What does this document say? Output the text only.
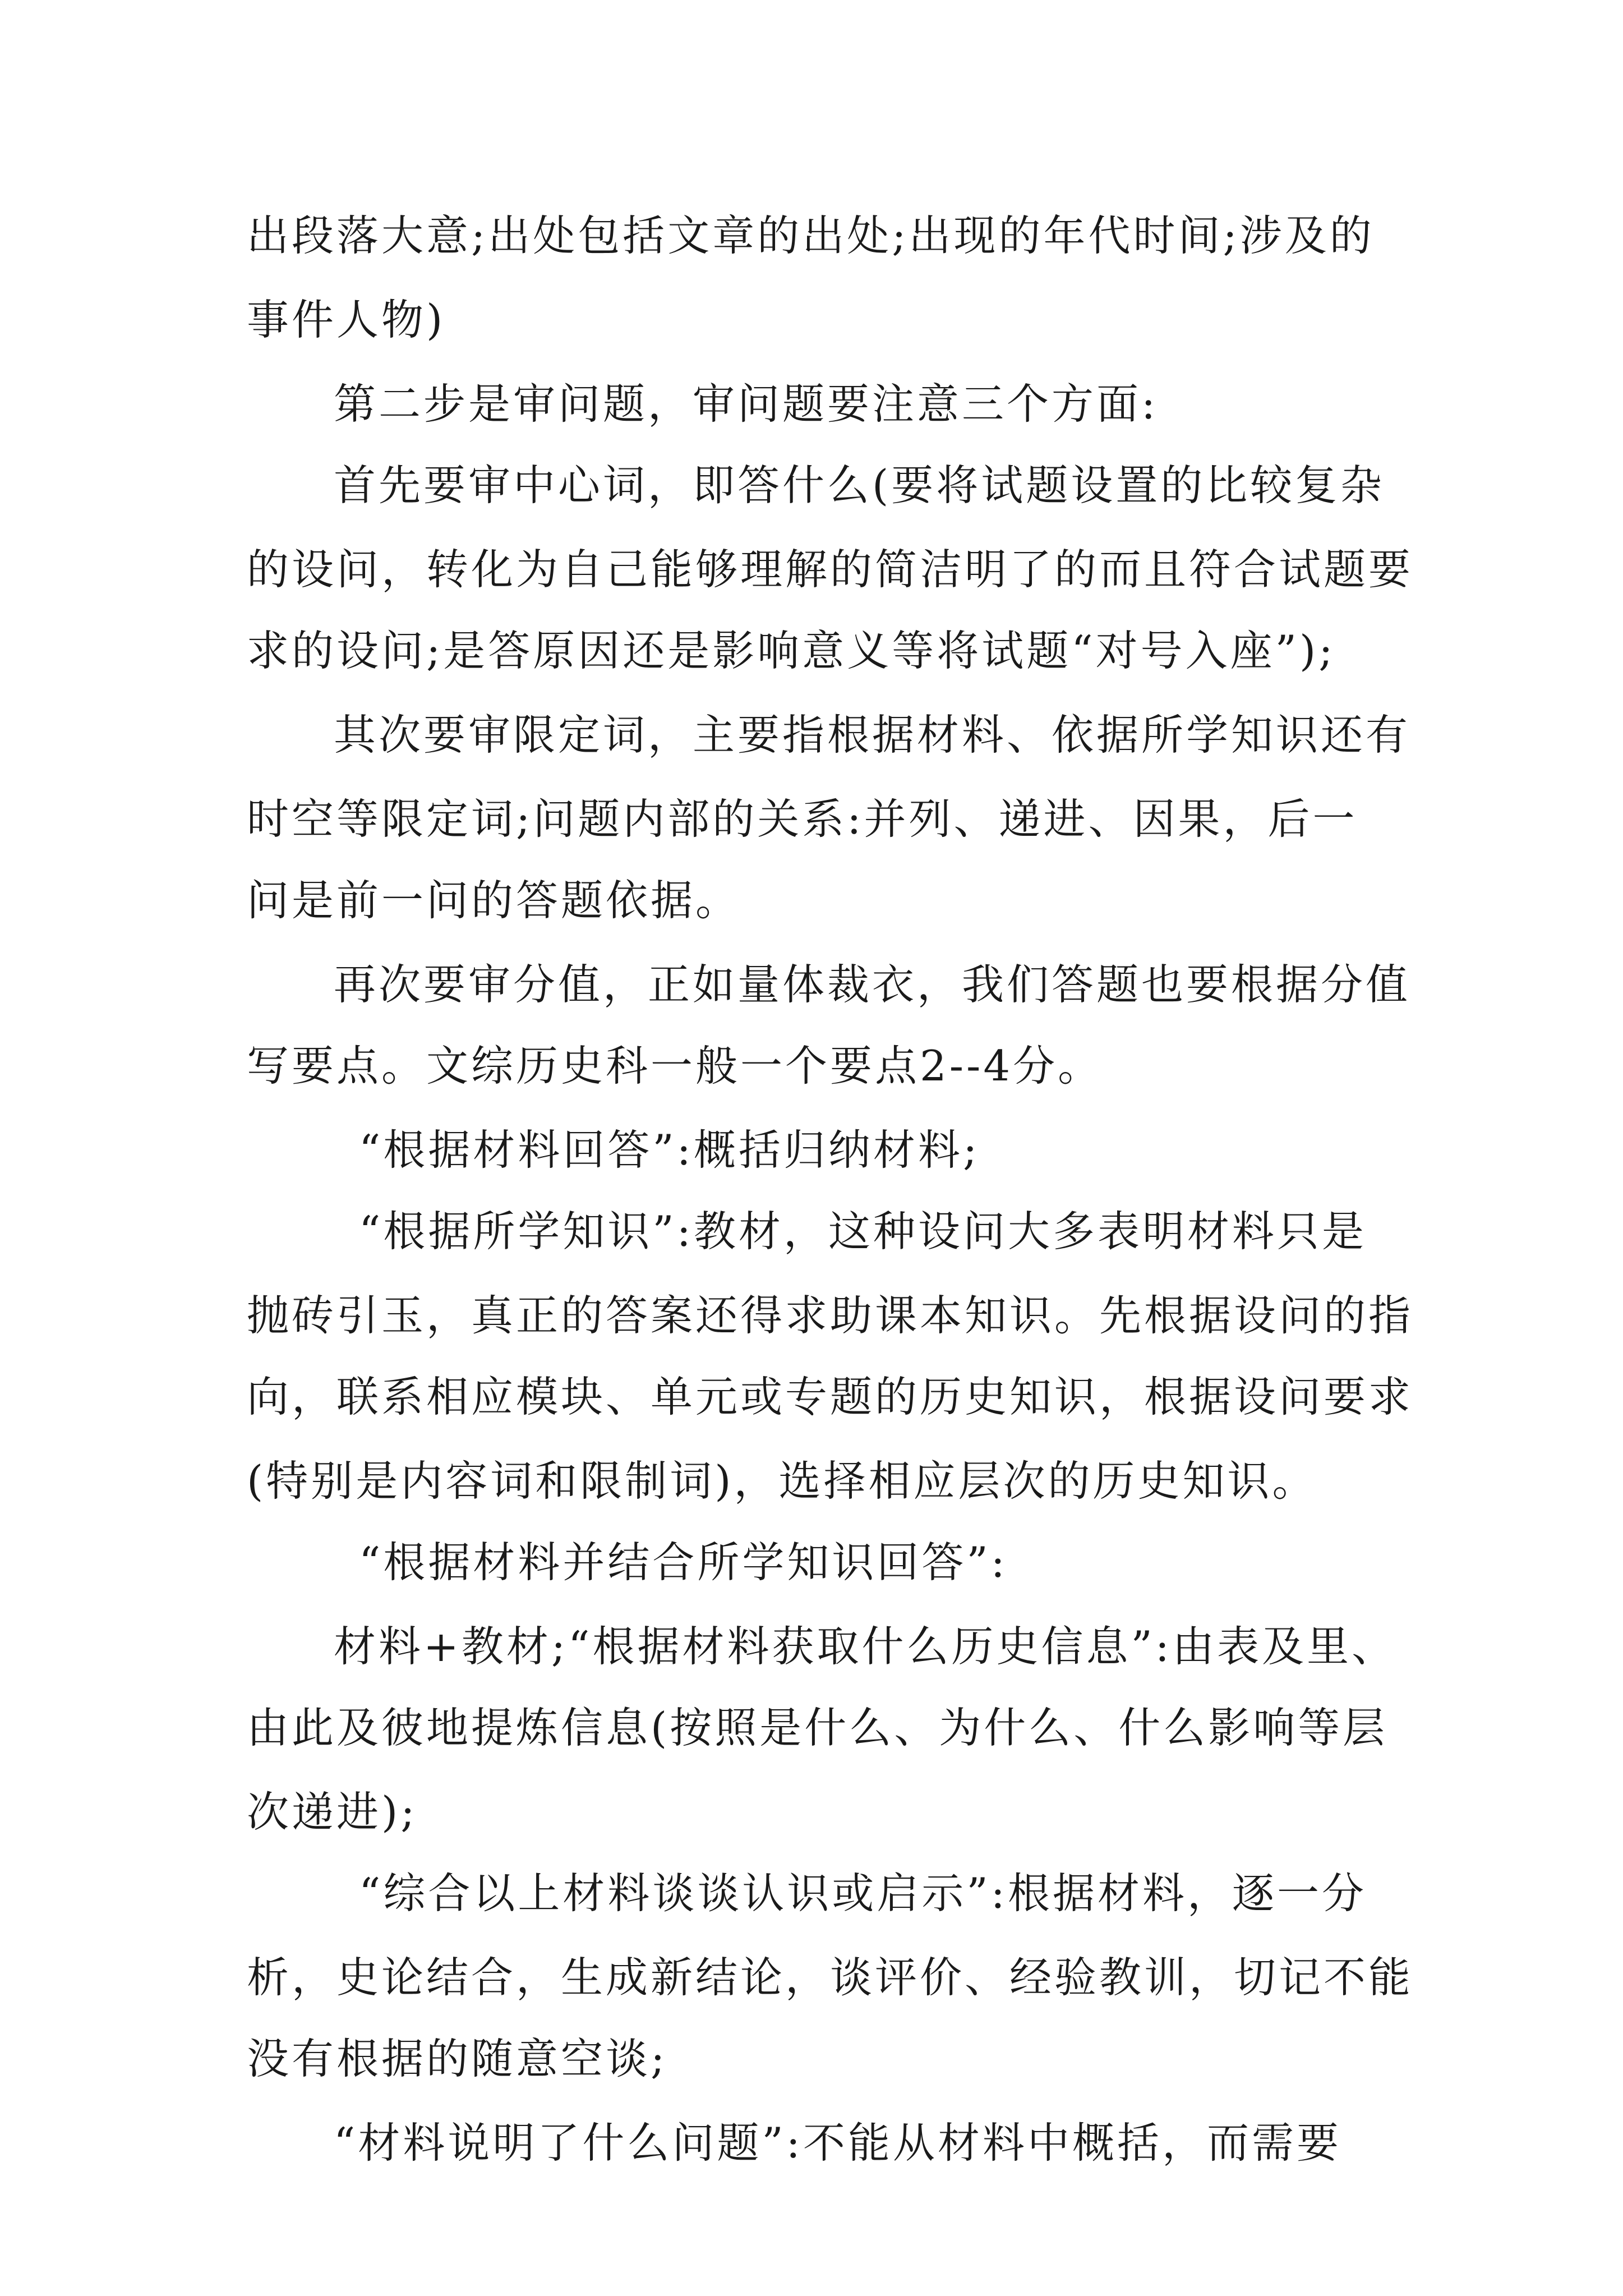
出段落大意;出处包括文章的出处;出现的年代时间;涉及的
事件人物)
第二步是审问题，审问题要注意三个方面:
首先要审中心词，即答什么(要将试题设置的比较复杂
的设问，转化为自己能够理解的简洁明了的而且符合试题要
求的设问;是答原因还是影响意义等将试题“对号入座”);
其次要审限定词，主要指根据材料、依据所学知识还有
时空等限定词;问题内部的关系:并列、递进、因果，后一
问是前一问的答题依据。
再次要审分值，正如量体裁衣，我们答题也要根据分值
写要点。文综历史科一般一个要点2--4分。
“根据材料回答”:概括归纳材料;
“根据所学知识”:教材，这种设问大多表明材料只是
抛砖引玉，真正的答案还得求助课本知识。先根据设问的指
向，联系相应模块、单元或专题的历史知识，根据设问要求
(特别是内容词和限制词)，选择相应层次的历史知识。
“根据材料并结合所学知识回答”:
材料+教材;“根据材料获取什么历史信息”:由表及里、
由此及彼地提炼信息(按照是什么、为什么、什么影响等层
次递进);
“综合以上材料谈谈认识或启示”:根据材料，逐一分
析，史论结合，生成新结论，谈评价、经验教训，切记不能
没有根据的随意空谈;
“材料说明了什么问题”:不能从材料中概括，而需要
